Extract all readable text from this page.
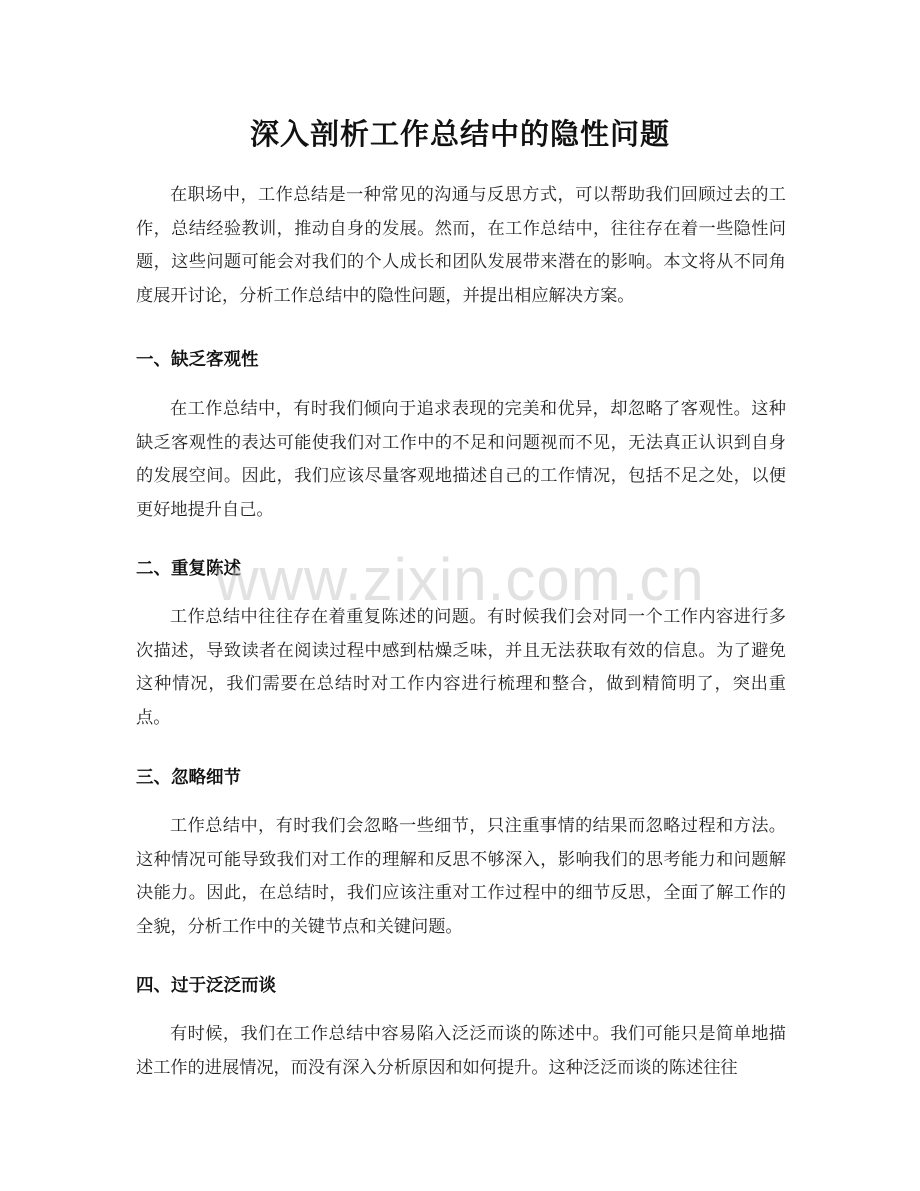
深入剖析工作总结中的隐性问题

在职场中，工作总结是一种常见的沟通与反思方式，可以帮助我们回顾过去的工作，总结经验教训，推动自身的发展。然而，在工作总结中，往往存在着一些隐性问题，这些问题可能会对我们的个人成长和团队发展带来潜在的影响。本文将从不同角度展开讨论，分析工作总结中的隐性问题，并提出相应解决方案。

一、缺乏客观性

在工作总结中，有时我们倾向于追求表现的完美和优异，却忽略了客观性。这种缺乏客观性的表达可能使我们对工作中的不足和问题视而不见，无法真正认识到自身的发展空间。因此，我们应该尽量客观地描述自己的工作情况，包括不足之处，以便更好地提升自己。

二、重复陈述

工作总结中往往存在着重复陈述的问题。有时候我们会对同一个工作内容进行多次描述，导致读者在阅读过程中感到枯燥乏味，并且无法获取有效的信息。为了避免这种情况，我们需要在总结时对工作内容进行梳理和整合，做到精简明了，突出重点。

三、忽略细节

工作总结中，有时我们会忽略一些细节，只注重事情的结果而忽略过程和方法。这种情况可能导致我们对工作的理解和反思不够深入，影响我们的思考能力和问题解决能力。因此，在总结时，我们应该注重对工作过程中的细节反思，全面了解工作的全貌，分析工作中的关键节点和关键问题。

四、过于泛泛而谈

有时候，我们在工作总结中容易陷入泛泛而谈的陈述中。我们可能只是简单地描述工作的进展情况，而没有深入分析原因和如何提升。这种泛泛而谈的陈述往往

www.zixin.com.cn
